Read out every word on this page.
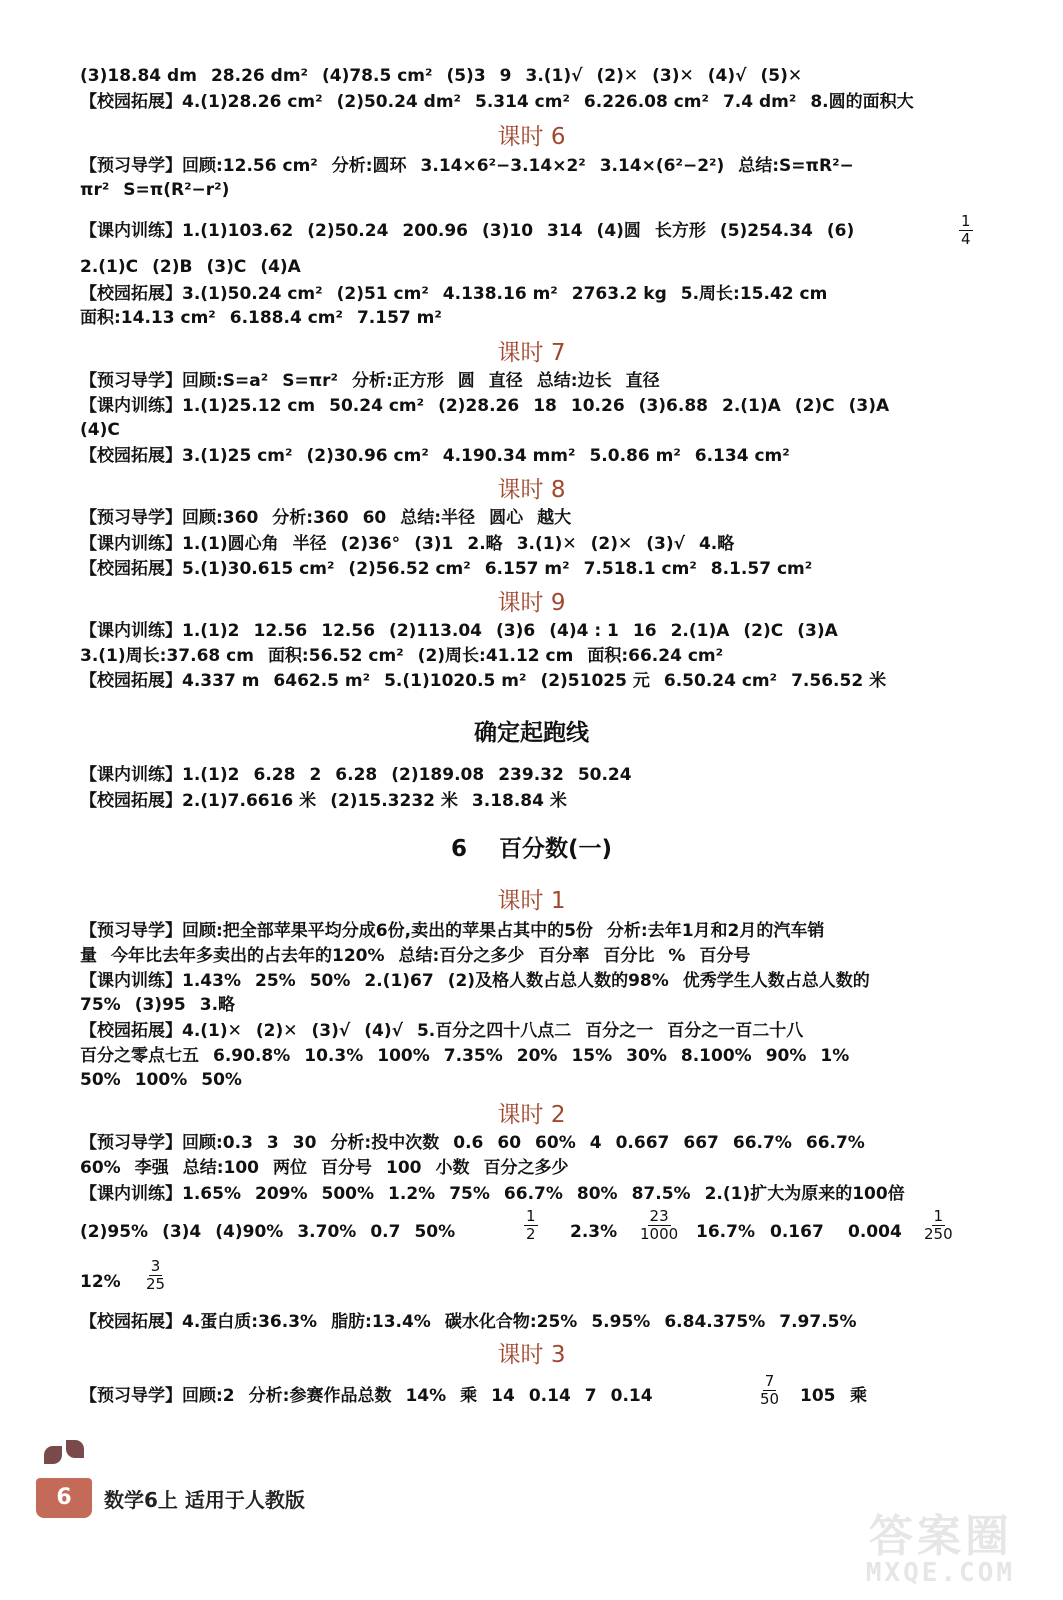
(3)18.84 dm 28.26 dm² (4)78.5 cm² (5)3 9 3.(1)√ (2)✕ (3)✕ (4)√ (5)✕
【校园拓展】4.(1)28.26 cm² (2)50.24 dm² 5.314 cm² 6.226.08 cm² 7.4 dm² 8.圆的面积大
【预习导学】回顾:12.56 cm² 分析:圆环 3.14×6²−3.14×2² 3.14×(6²−2²) 总结:S=πR²−
πr² S=π(R²−r²)
【课内训练】1.(1)103.62 (2)50.24 200.96 (3)10 314 (4)圆 长方形 (5)254.34 (6)
2.(1)C (2)B (3)C (4)A
【校园拓展】3.(1)50.24 cm² (2)51 cm² 4.138.16 m² 2763.2 kg 5.周长:15.42 cm
面积:14.13 cm² 6.188.4 cm² 7.157 m²
【预习导学】回顾:S=a² S=πr² 分析:正方形 圆 直径 总结:边长 直径
【课内训练】1.(1)25.12 cm 50.24 cm² (2)28.26 18 10.26 (3)6.88 2.(1)A (2)C (3)A
(4)C
【校园拓展】3.(1)25 cm² (2)30.96 cm² 4.190.34 mm² 5.0.86 m² 6.134 cm²
【预习导学】回顾:360 分析:360 60 总结:半径 圆心 越大
【课内训练】1.(1)圆心角 半径 (2)36° (3)1 2.略 3.(1)✕ (2)✕ (3)√ 4.略
【校园拓展】5.(1)30.615 cm² (2)56.52 cm² 6.157 m² 7.518.1 cm² 8.1.57 cm²
【课内训练】1.(1)2 12.56 12.56 (2)113.04 (3)6 (4)4 : 1 16 2.(1)A (2)C (3)A
3.(1)周长:37.68 cm 面积:56.52 cm² (2)周长:41.12 cm 面积:66.24 cm²
【校园拓展】4.337 m 6462.5 m² 5.(1)1020.5 m² (2)51025 元 6.50.24 cm² 7.56.52 米
【课内训练】1.(1)2 6.28 2 6.28 (2)189.08 239.32 50.24
【校园拓展】2.(1)7.6616 米 (2)15.3232 米 3.18.84 米
【预习导学】回顾:把全部苹果平均分成6份,卖出的苹果占其中的5份 分析:去年1月和2月的汽车销
量 今年比去年多卖出的占去年的120% 总结:百分之多少 百分率 百分比 % 百分号
【课内训练】1.43% 25% 50% 2.(1)67 (2)及格人数占总人数的98% 优秀学生人数占总人数的
75% (3)95 3.略
【校园拓展】4.(1)✕ (2)✕ (3)√ (4)√ 5.百分之四十八点二 百分之一 百分之一百二十八
百分之零点七五 6.90.8% 10.3% 100% 7.35% 20% 15% 30% 8.100% 90% 1%
50% 100% 50%
【预习导学】回顾:0.3 3 30 分析:投中次数 0.6 60 60% 4 0.667 667 66.7% 66.7%
60% 李强 总结:100 两位 百分号 100 小数 百分之多少
【课内训练】1.65% 209% 500% 1.2% 75% 66.7% 80% 87.5% 2.(1)扩大为原来的100倍
(2)95% (3)4 (4)90% 3.70% 0.7 50%
12%
【校园拓展】4.蛋白质:36.3% 脂肪:13.4% 碳水化合物:25% 5.95% 6.84.375% 7.97.5%
【预习导学】回顾:2 分析:参赛作品总数 14% 乘 14 0.14 7 0.14
课时 6
课时 7
课时 8
课时 9
课时 1
课时 2
课时 3
确定起跑线
6    百分数(一)
$\frac{1}{4}$
$\frac{1}{2}$	$\frac{23}{1000}$	$\frac{1}{250}$
$\frac{3}{25}$
$\frac{7}{50} 105$ 乘
2.3%	16.7% 0.167 0.004
6	数学6上 适用于人教版
答案圈
MXQE.COM
